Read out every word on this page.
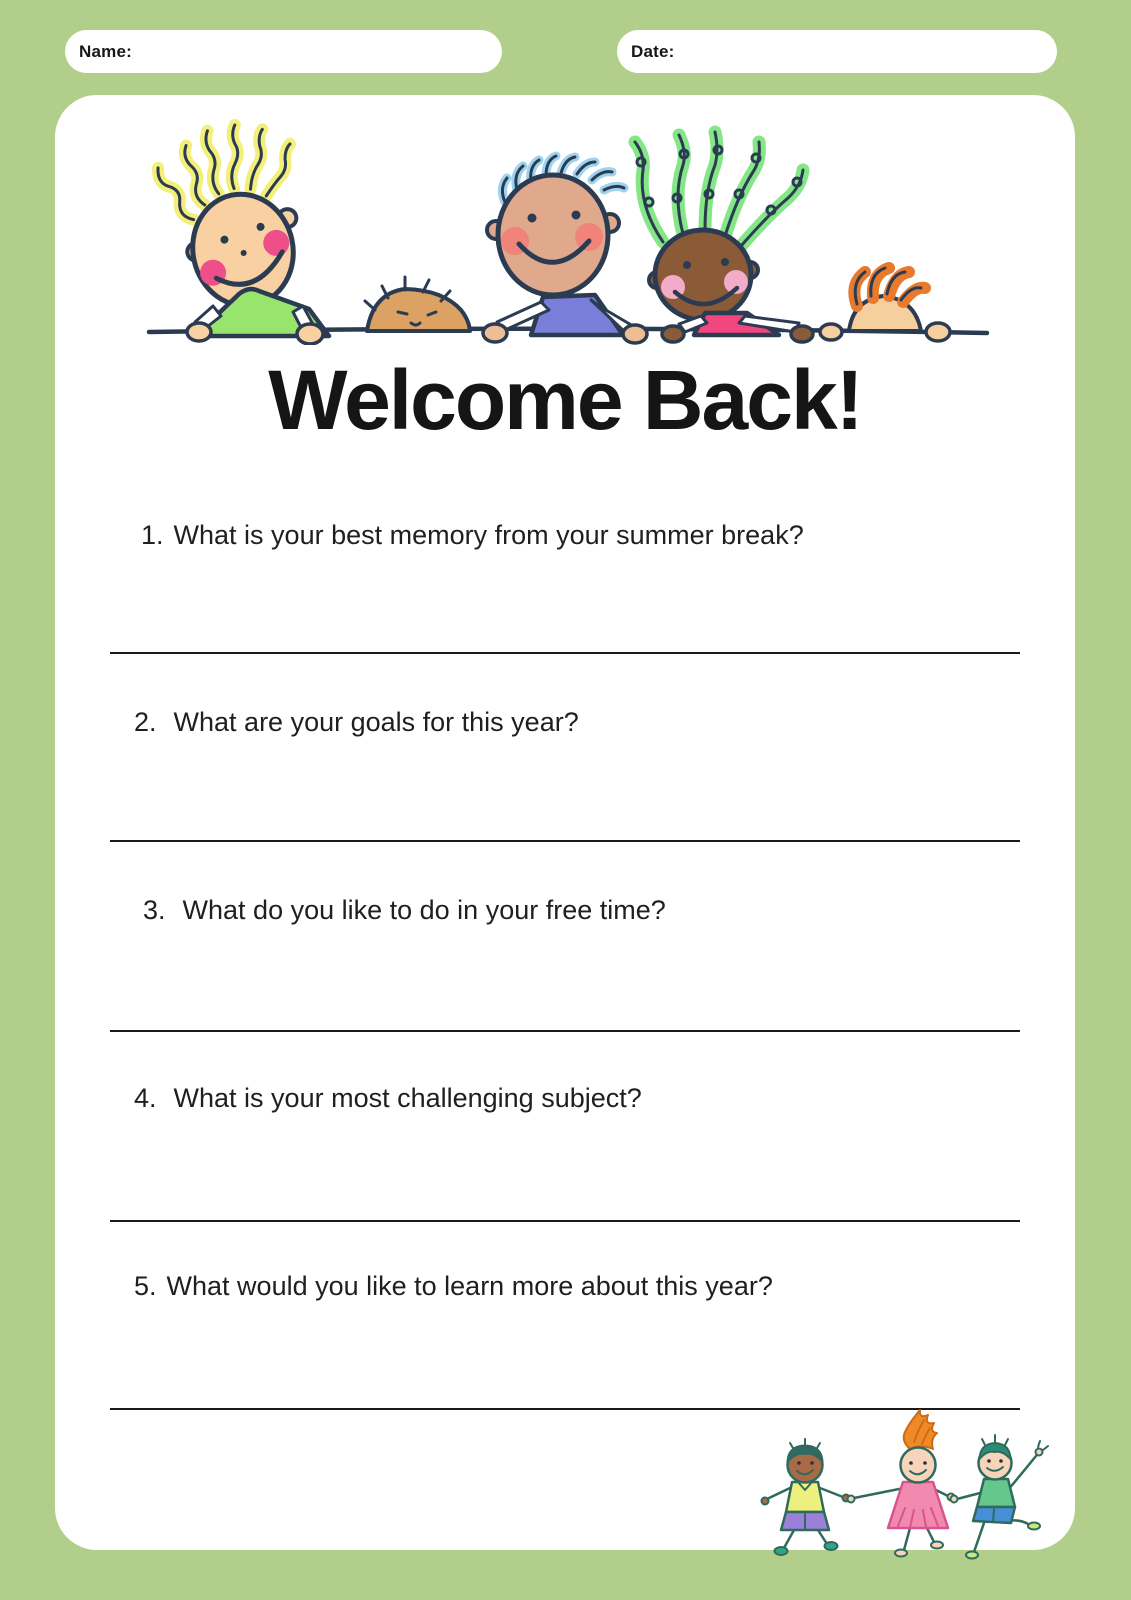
Name:	Date:
Welcome Back!
1. What is your best memory from your summer break?
2. What are your goals for this year?
3. What do you like to do in your free time?
4. What is your most challenging subject?
5. What would you like to learn more about this year?
